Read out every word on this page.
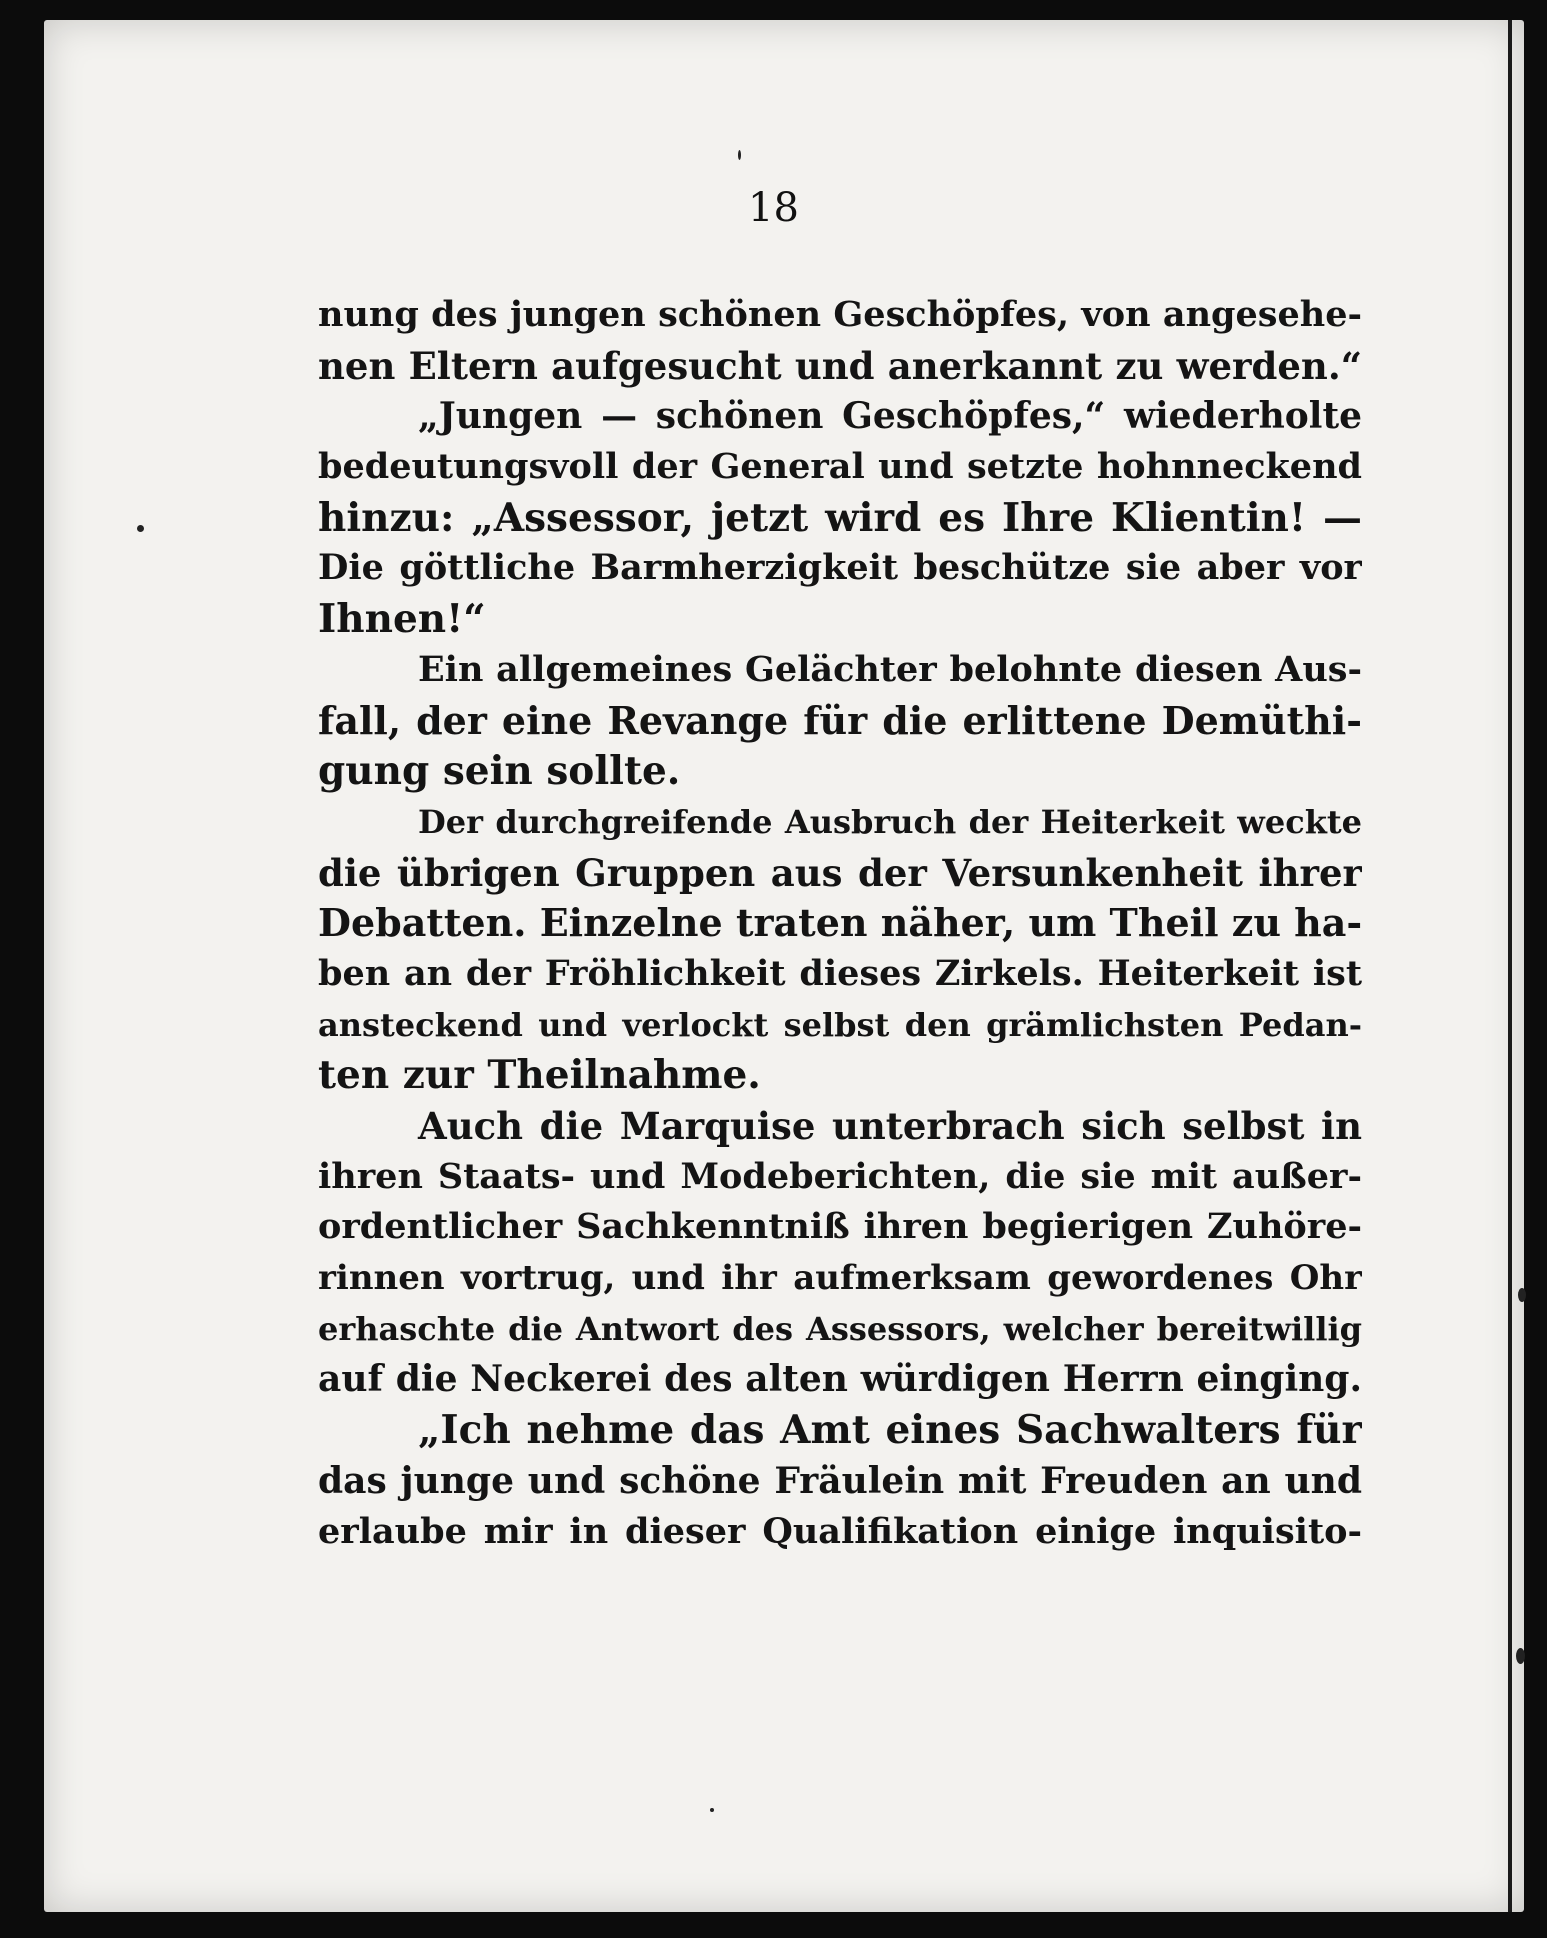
18
nung des jungen schönen Geschöpfes, von angesehe-
nen Eltern aufgesucht und anerkannt zu werden.“
„Jungen — schönen Geschöpfes,“ wiederholte
bedeutungsvoll der General und setzte hohnneckend
hinzu: „Assessor, jetzt wird es Ihre Klientin! —
Die göttliche Barmherzigkeit beschütze sie aber vor
Ihnen!“
Ein allgemeines Gelächter belohnte diesen Aus-
fall, der eine Revange für die erlittene Demüthi-
gung sein sollte.
Der durchgreifende Ausbruch der Heiterkeit weckte
die übrigen Gruppen aus der Versunkenheit ihrer
Debatten. Einzelne traten näher, um Theil zu ha-
ben an der Fröhlichkeit dieses Zirkels. Heiterkeit ist
ansteckend und verlockt selbst den grämlichsten Pedan-
ten zur Theilnahme.
Auch die Marquise unterbrach sich selbst in
ihren Staats- und Modeberichten, die sie mit außer-
ordentlicher Sachkenntniß ihren begierigen Zuhöre-
rinnen vortrug, und ihr aufmerksam gewordenes Ohr
erhaschte die Antwort des Assessors, welcher bereitwillig
auf die Neckerei des alten würdigen Herrn einging.
„Ich nehme das Amt eines Sachwalters für
das junge und schöne Fräulein mit Freuden an und
erlaube mir in dieser Qualifikation einige inquisito-
